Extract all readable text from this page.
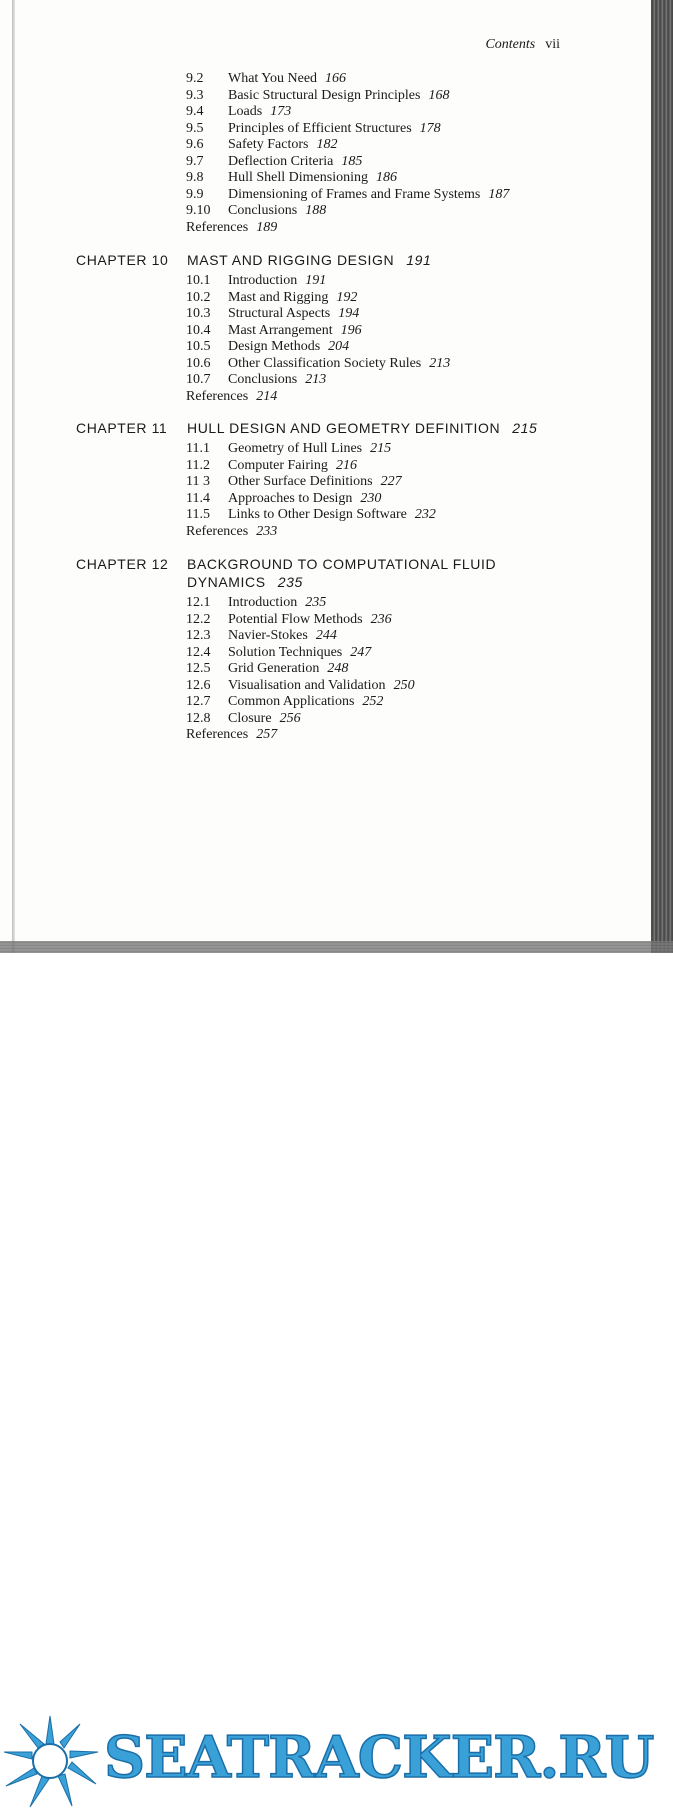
Contents vii
9.2 What You Need 166
9.3 Basic Structural Design Principles 168
9.4 Loads 173
9.5 Principles of Efficient Structures 178
9.6 Safety Factors 182
9.7 Deflection Criteria 185
9.8 Hull Shell Dimensioning 186
9.9 Dimensioning of Frames and Frame Systems 187
9.10 Conclusions 188
References 189
CHAPTER 10 MAST AND RIGGING DESIGN 191
10.1 Introduction 191
10.2 Mast and Rigging 192
10.3 Structural Aspects 194
10.4 Mast Arrangement 196
10.5 Design Methods 204
10.6 Other Classification Society Rules 213
10.7 Conclusions 213
References 214
CHAPTER 11 HULL DESIGN AND GEOMETRY DEFINITION 215
11.1 Geometry of Hull Lines 215
11.2 Computer Fairing 216
11 3 Other Surface Definitions 227
11.4 Approaches to Design 230
11.5 Links to Other Design Software 232
References 233
CHAPTER 12 BACKGROUND TO COMPUTATIONAL FLUID
DYNAMICS 235
12.1 Introduction 235
12.2 Potential Flow Methods 236
12.3 Navier-Stokes 244
12.4 Solution Techniques 247
12.5 Grid Generation 248
12.6 Visualisation and Validation 250
12.7 Common Applications 252
12.8 Closure 256
References 257
SEATRACKER.RU
